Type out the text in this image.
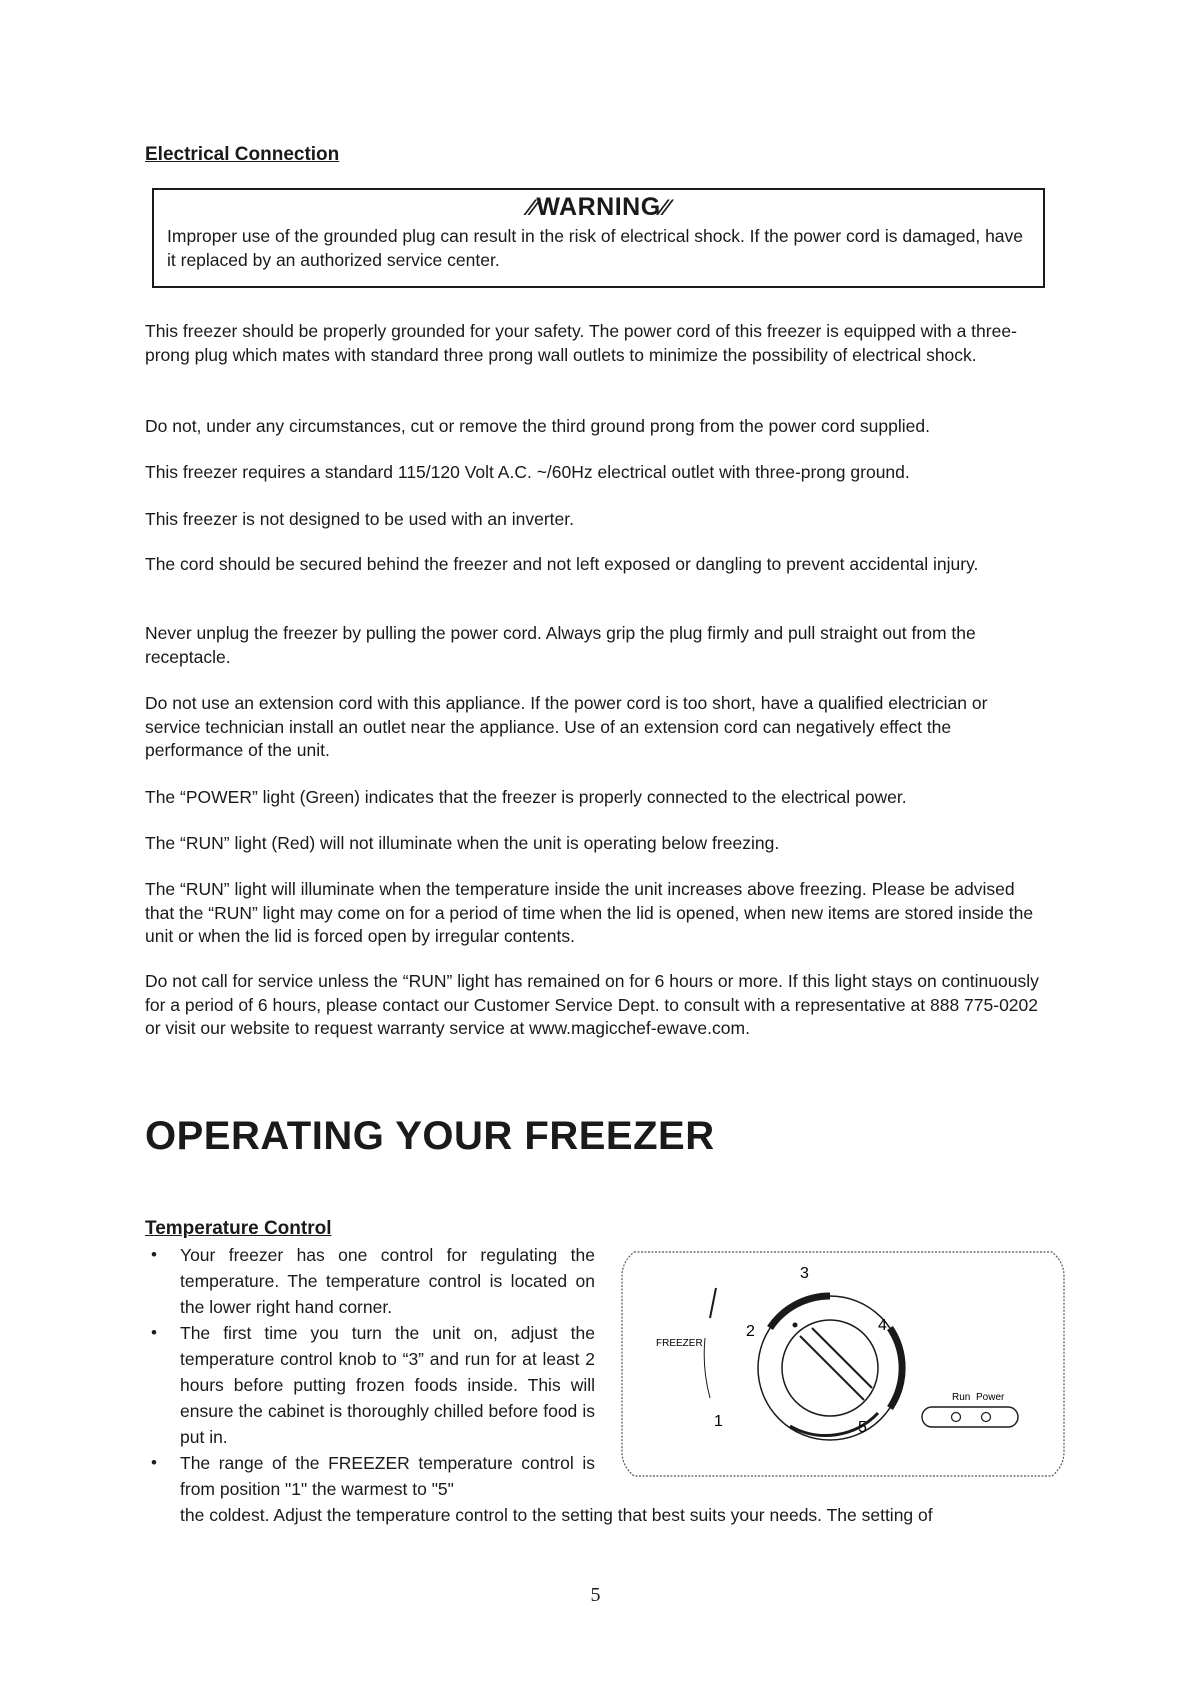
Electrical Connection
⁄⁄WARNING⁄⁄

Improper use of the grounded plug can result in the risk of electrical shock. If the power cord is damaged, have it replaced by an authorized service center.

This freezer should be properly grounded for your safety. The power cord of this freezer is equipped with a three-prong plug which mates with standard three prong wall outlets to minimize the possibility of electrical shock.

Do not, under any circumstances, cut or remove the third ground prong from the power cord supplied.

This freezer requires a standard 115/120 Volt A.C. ~/60Hz electrical outlet with three-prong ground.

This freezer is not designed to be used with an inverter.

The cord should be secured behind the freezer and not left exposed or dangling to prevent accidental injury.

Never unplug the freezer by pulling the power cord. Always grip the plug firmly and pull straight out from the receptacle.

Do not use an extension cord with this appliance. If the power cord is too short, have a qualified electrician or service technician install an outlet near the appliance. Use of an extension cord can negatively effect the performance of the unit.

The “POWER” light (Green) indicates that the freezer is properly connected to the electrical power.

The “RUN” light (Red) will not illuminate when the unit is operating below freezing.

The “RUN” light will illuminate when the temperature inside the unit increases above freezing. Please be advised that the “RUN” light may come on for a period of time when the lid is opened, when new items are stored inside the unit or when the lid is forced open by irregular contents.

Do not call for service unless the “RUN” light has remained on for 6 hours or more. If this light stays on continuously for a period of 6 hours, please contact our Customer Service Dept. to consult with a representative at 888 775-0202 or visit our website to request warranty service at www.magicchef-ewave.com.

OPERATING YOUR FREEZER
Temperature Control
• Your freezer has one control for regulating the temperature. The temperature control is located on the lower right hand corner.
• The first time you turn the unit on, adjust the temperature control knob to “3” and run for at least 2 hours before putting frozen foods inside. This will ensure the cabinet is thoroughly chilled before food is put in.
• The range of the FREEZER temperature control is from position "1" the warmest to "5"

the coldest. Adjust the temperature control to the setting that best suits your needs. The setting of

FREEZER
1
2
3
4
5
Run Power
5
